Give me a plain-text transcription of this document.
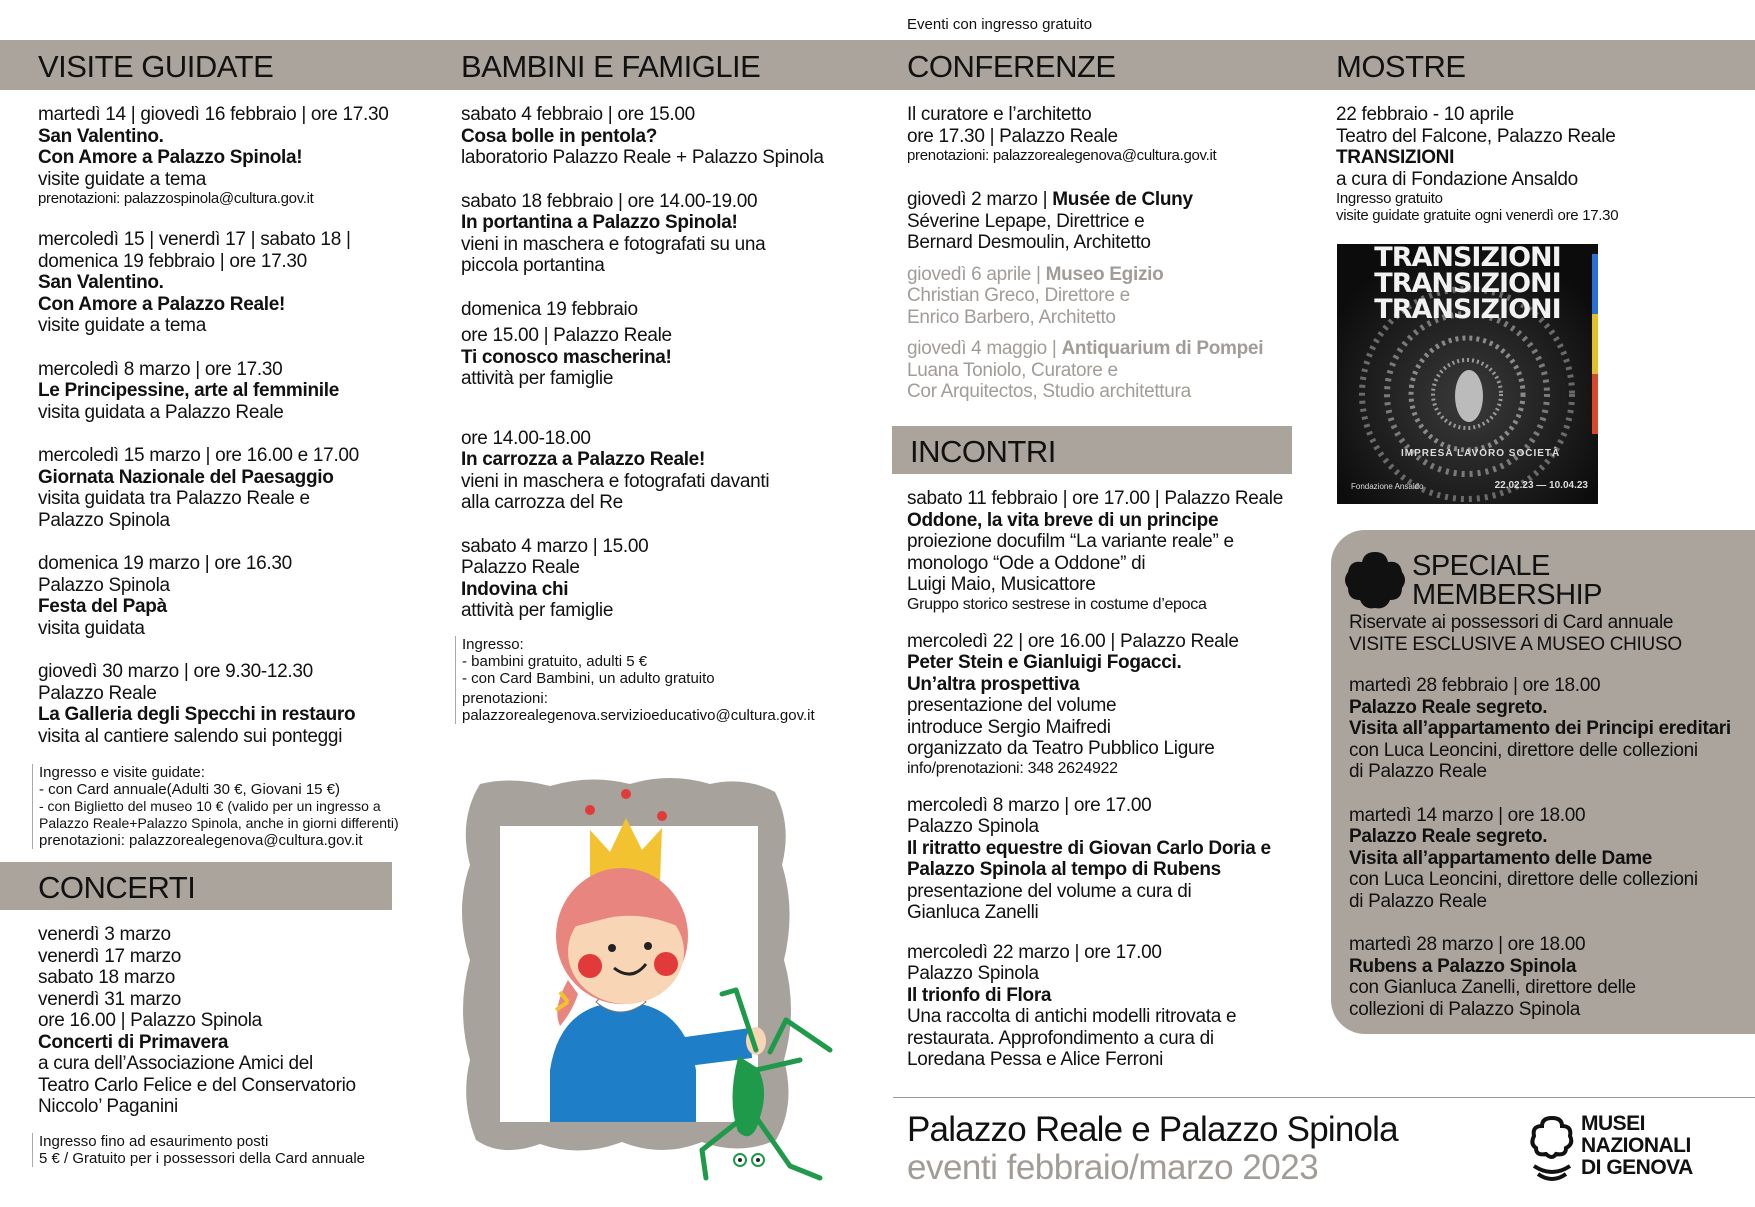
Eventi con ingresso gratuito
VISITE GUIDATE	BAMBINI E FAMIGLIE	CONFERENZE	MOSTRE

martedì 14 | giovedì 16 febbraio | ore 17.30

San Valentino.

Con Amore a Palazzo Spinola!

visite guidate a tema

prenotazioni: palazzospinola@cultura.gov.it

mercoledì 15 | venerdì 17 | sabato 18 |

domenica 19 febbraio | ore 17.30

San Valentino.

Con Amore a Palazzo Reale!

visite guidate a tema

mercoledì 8 marzo | ore 17.30

Le Principessine, arte al femminile

visita guidata a Palazzo Reale

mercoledì 15 marzo | ore 16.00 e 17.00

Giornata Nazionale del Paesaggio

visita guidata tra Palazzo Reale e

Palazzo Spinola

domenica 19 marzo | ore 16.30

Palazzo Spinola

Festa del Papà

visita guidata

giovedì 30 marzo | ore 9.30-12.30

Palazzo Reale

La Galleria degli Specchi in restauro

visita al cantiere salendo sui ponteggi

Ingresso e visite guidate:
- con Card annuale(Adulti 30 €, Giovani 15 €)
- con Biglietto del museo 10 € (valido per un ingresso a
Palazzo Reale+Palazzo Spinola, anche in giorni differenti)
prenotazioni: palazzorealegenova@cultura.gov.it
CONCERTI

venerdì 3 marzo

venerdì 17 marzo

sabato 18 marzo

venerdì 31 marzo

ore 16.00 | Palazzo Spinola

Concerti di Primavera

a cura dell’Associazione Amici del

Teatro Carlo Felice e del Conservatorio

Niccolo’ Paganini

Ingresso fino ad esaurimento posti
5 € / Gratuito per i possessori della Card annuale

sabato 4 febbraio | ore 15.00

Cosa bolle in pentola?

laboratorio Palazzo Reale + Palazzo Spinola

sabato 18 febbraio | ore 14.00-19.00

In portantina a Palazzo Spinola!

vieni in maschera e fotografati su una

piccola portantina

domenica 19 febbraio

ore 15.00 | Palazzo Reale

Ti conosco mascherina!

attività per famiglie

ore 14.00-18.00

In carrozza a Palazzo Reale!

vieni in maschera e fotografati davanti

alla carrozza del Re

sabato 4 marzo | 15.00

Palazzo Reale

Indovina chi

attività per famiglie

Ingresso:
- bambini gratuito, adulti 5 €
- con Card Bambini, un adulto gratuito
prenotazioni:
palazzorealegenova.servizioeducativo@cultura.gov.it

Il curatore e l’architetto

ore 17.30 | Palazzo Reale

prenotazioni: palazzorealegenova@cultura.gov.it

giovedì 2 marzo | Musée de Cluny

Séverine Lepape, Direttrice e

Bernard Desmoulin, Architetto

giovedì 6 aprile | Museo Egizio

Christian Greco, Direttore e

Enrico Barbero, Architetto

giovedì 4 maggio | Antiquarium di Pompei

Luana Toniolo, Curatore e

Cor Arquitectos, Studio architettura

INCONTRI

sabato 11 febbraio | ore 17.00 | Palazzo Reale

Oddone, la vita breve di un principe

proiezione docufilm “La variante reale” e

monologo “Ode a Oddone” di

Luigi Maio, Musicattore

Gruppo storico sestrese in costume d’epoca

mercoledì 22 | ore 16.00 | Palazzo Reale

Peter Stein e Gianluigi Fogacci.

Un’altra prospettiva

presentazione del volume

introduce Sergio Maifredi

organizzato da Teatro Pubblico Ligure

info/prenotazioni: 348 2624922

mercoledì 8 marzo | ore 17.00

Palazzo Spinola

Il ritratto equestre di Giovan Carlo Doria e

Palazzo Spinola al tempo di Rubens

presentazione del volume a cura di

Gianluca Zanelli

mercoledì 22 marzo | ore 17.00

Palazzo Spinola

Il trionfo di Flora

Una raccolta di antichi modelli ritrovata e

restaurata. Approfondimento a cura di

Loredana Pessa e Alice Ferroni

22 febbraio - 10 aprile

Teatro del Falcone, Palazzo Reale

TRANSIZIONI

a cura di Fondazione Ansaldo

Ingresso gratuito

visite guidate gratuite ogni venerdì ore 17.30

TRANSIZIONI
TRANSIZIONI
TRANSIZIONI
IMPRESA LAVORO SOCIETÀ
Fondazione Ansaldo	22.02.23 — 10.04.23
SPECIALE
MEMBERSHIP

Riservate ai possessori di Card annuale

VISITE ESCLUSIVE A MUSEO CHIUSO

martedì 28 febbraio | ore 18.00

Palazzo Reale segreto.

Visita all’appartamento dei Principi ereditari

con Luca Leoncini, direttore delle collezioni

di Palazzo Reale

martedì 14 marzo | ore 18.00

Palazzo Reale segreto.

Visita all’appartamento delle Dame

con Luca Leoncini, direttore delle collezioni

di Palazzo Reale

martedì 28 marzo | ore 18.00

Rubens a Palazzo Spinola

con Gianluca Zanelli, direttore delle

collezioni di Palazzo Spinola

Palazzo Reale e Palazzo Spinola
eventi febbraio/marzo 2023
MUSEI
NAZIONALI
DI GENOVA
